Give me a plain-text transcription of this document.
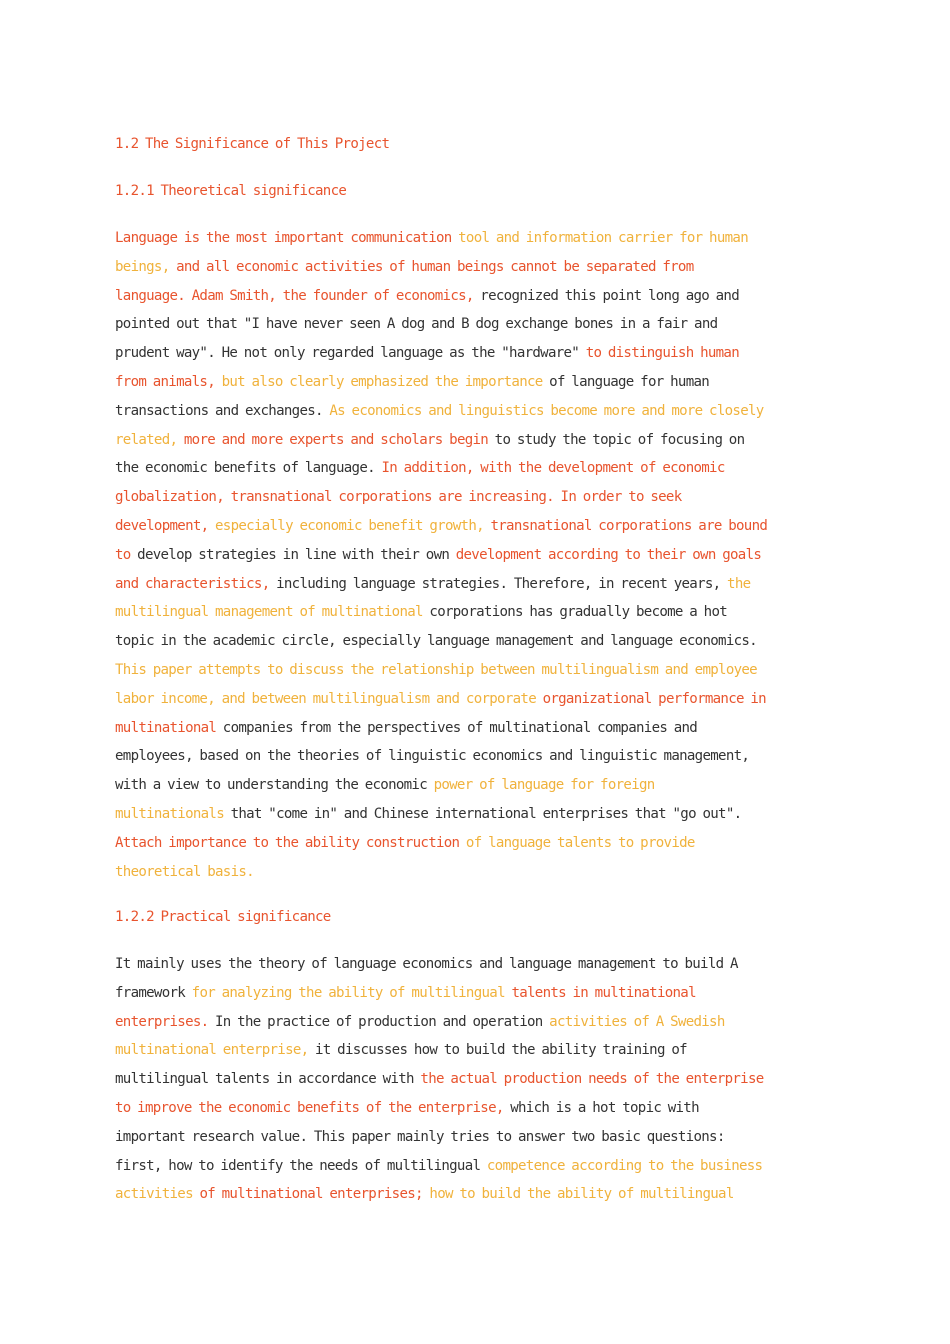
1.2 The Significance of This Project
1.2.1 Theoretical significance
Language is the most important communication tool and information carrier for human
beings, and all economic activities of human beings cannot be separated from
language. Adam Smith, the founder of economics, recognized this point long ago and
pointed out that "I have never seen A dog and B dog exchange bones in a fair and
prudent way". He not only regarded language as the "hardware" to distinguish human
from animals, but also clearly emphasized the importance of language for human
transactions and exchanges. As economics and linguistics become more and more closely
related, more and more experts and scholars begin to study the topic of focusing on
the economic benefits of language. In addition, with the development of economic
globalization, transnational corporations are increasing. In order to seek
development, especially economic benefit growth, transnational corporations are bound
to develop strategies in line with their own development according to their own goals
and characteristics, including language strategies. Therefore, in recent years, the
multilingual management of multinational corporations has gradually become a hot
topic in the academic circle, especially language management and language economics.
This paper attempts to discuss the relationship between multilingualism and employee
labor income, and between multilingualism and corporate organizational performance in
multinational companies from the perspectives of multinational companies and
employees, based on the theories of linguistic economics and linguistic management,
with a view to understanding the economic power of language for foreign
multinationals that "come in" and Chinese international enterprises that "go out".
Attach importance to the ability construction of language talents to provide
theoretical basis.
1.2.2 Practical significance
It mainly uses the theory of language economics and language management to build A
framework for analyzing the ability of multilingual talents in multinational
enterprises. In the practice of production and operation activities of A Swedish
multinational enterprise, it discusses how to build the ability training of
multilingual talents in accordance with the actual production needs of the enterprise
to improve the economic benefits of the enterprise, which is a hot topic with
important research value. This paper mainly tries to answer two basic questions:
first, how to identify the needs of multilingual competence according to the business
activities of multinational enterprises; how to build the ability of multilingual
